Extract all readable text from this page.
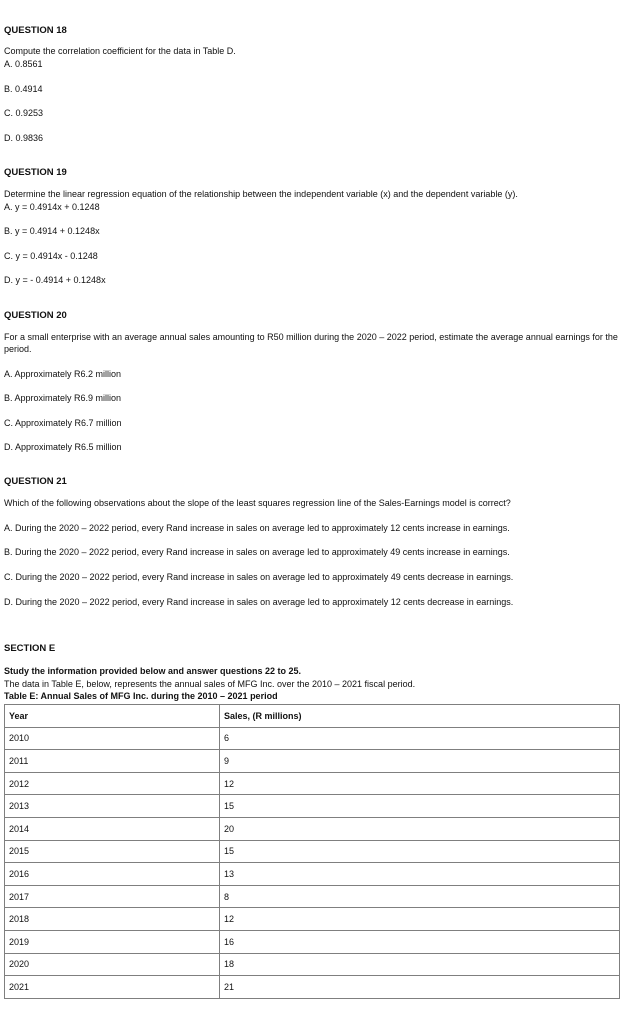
QUESTION 18
Compute the correlation coefficient for the data in Table D.
A. 0.8561
B. 0.4914
C. 0.9253
D. 0.9836
QUESTION 19
Determine the linear regression equation of the relationship between the independent variable (x) and the dependent variable (y).
A. y = 0.4914x + 0.1248
B. y = 0.4914 + 0.1248x
C. y = 0.4914x - 0.1248
D. y = - 0.4914 + 0.1248x
QUESTION 20
For a small enterprise with an average annual sales amounting to R50 million during the 2020 – 2022 period, estimate the average annual earnings for the period.
A. Approximately R6.2 million
B. Approximately R6.9 million
C. Approximately R6.7 million
D. Approximately R6.5 million
QUESTION 21
Which of the following observations about the slope of the least squares regression line of the Sales-Earnings model is correct?
A. During the 2020 – 2022 period, every Rand increase in sales on average led to approximately 12 cents increase in earnings.
B. During the 2020 – 2022 period, every Rand increase in sales on average led to approximately 49 cents increase in earnings.
C. During the 2020 – 2022 period, every Rand increase in sales on average led to approximately 49 cents decrease in earnings.
D. During the 2020 – 2022 period, every Rand increase in sales on average led to approximately 12 cents decrease in earnings.
SECTION E
Study the information provided below and answer questions 22 to 25.
The data in Table E, below, represents the annual sales of MFG Inc. over the 2010 – 2021 fiscal period.
Table E: Annual Sales of MFG Inc. during the 2010 – 2021 period
Year	Sales, (R millions)
2010	6
2011	9
2012	12
2013	15
2014	20
2015	15
2016	13
2017	8
2018	12
2019	16
2020	18
2021	21
